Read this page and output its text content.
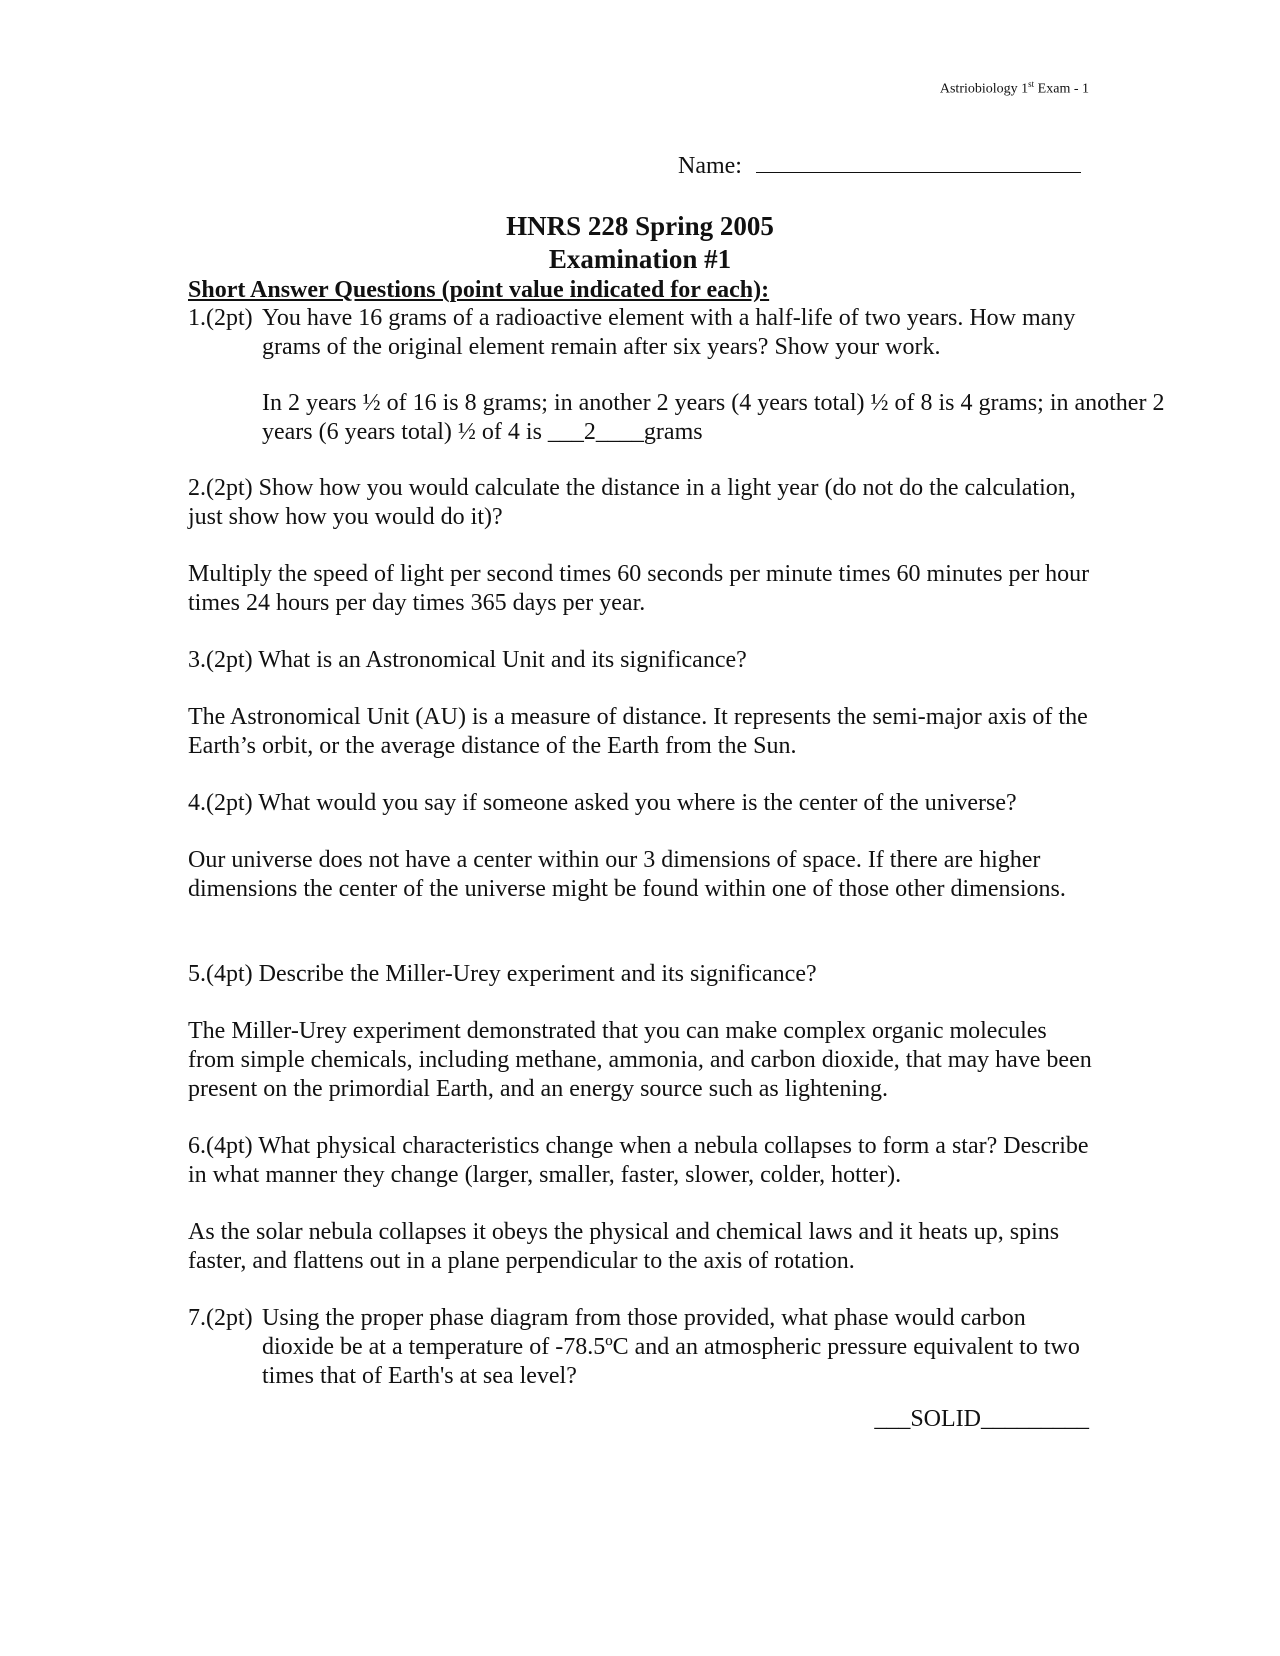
Astriobiology 1st Exam - 1
Name:
HNRS 228 Spring 2005
Examination #1
Short Answer Questions (point value indicated for each):
1.(2pt) You have 16 grams of a radioactive element with a half-life of two years. How many grams of the original element remain after six years? Show your work.
In 2 years ½ of 16 is 8 grams; in another 2 years (4 years total) ½ of 8 is 4 grams; in another 2 years (6 years total) ½ of 4 is ___2____grams
2.(2pt) Show how you would calculate the distance in a light year (do not do the calculation, just show how you would do it)?
Multiply the speed of light per second times 60 seconds per minute times 60 minutes per hour times 24 hours per day times 365 days per year.
3.(2pt) What is an Astronomical Unit and its significance?
The Astronomical Unit (AU) is a measure of distance. It represents the semi-major axis of the Earth’s orbit, or the average distance of the Earth from the Sun.
4.(2pt) What would you say if someone asked you where is the center of the universe?
Our universe does not have a center within our 3 dimensions of space. If there are higher dimensions the center of the universe might be found within one of those other dimensions.
5.(4pt) Describe the Miller-Urey experiment and its significance?
The Miller-Urey experiment demonstrated that you can make complex organic molecules from simple chemicals, including methane, ammonia, and carbon dioxide, that may have been present on the primordial Earth, and an energy source such as lightening.
6.(4pt) What physical characteristics change when a nebula collapses to form a star? Describe in what manner they change (larger, smaller, faster, slower, colder, hotter).
As the solar nebula collapses it obeys the physical and chemical laws and it heats up, spins faster, and flattens out in a plane perpendicular to the axis of rotation.
7.(2pt) Using the proper phase diagram from those provided, what phase would carbon dioxide be at a temperature of -78.5ºC and an atmospheric pressure equivalent to two times that of Earth's at sea level?
___SOLID_________
